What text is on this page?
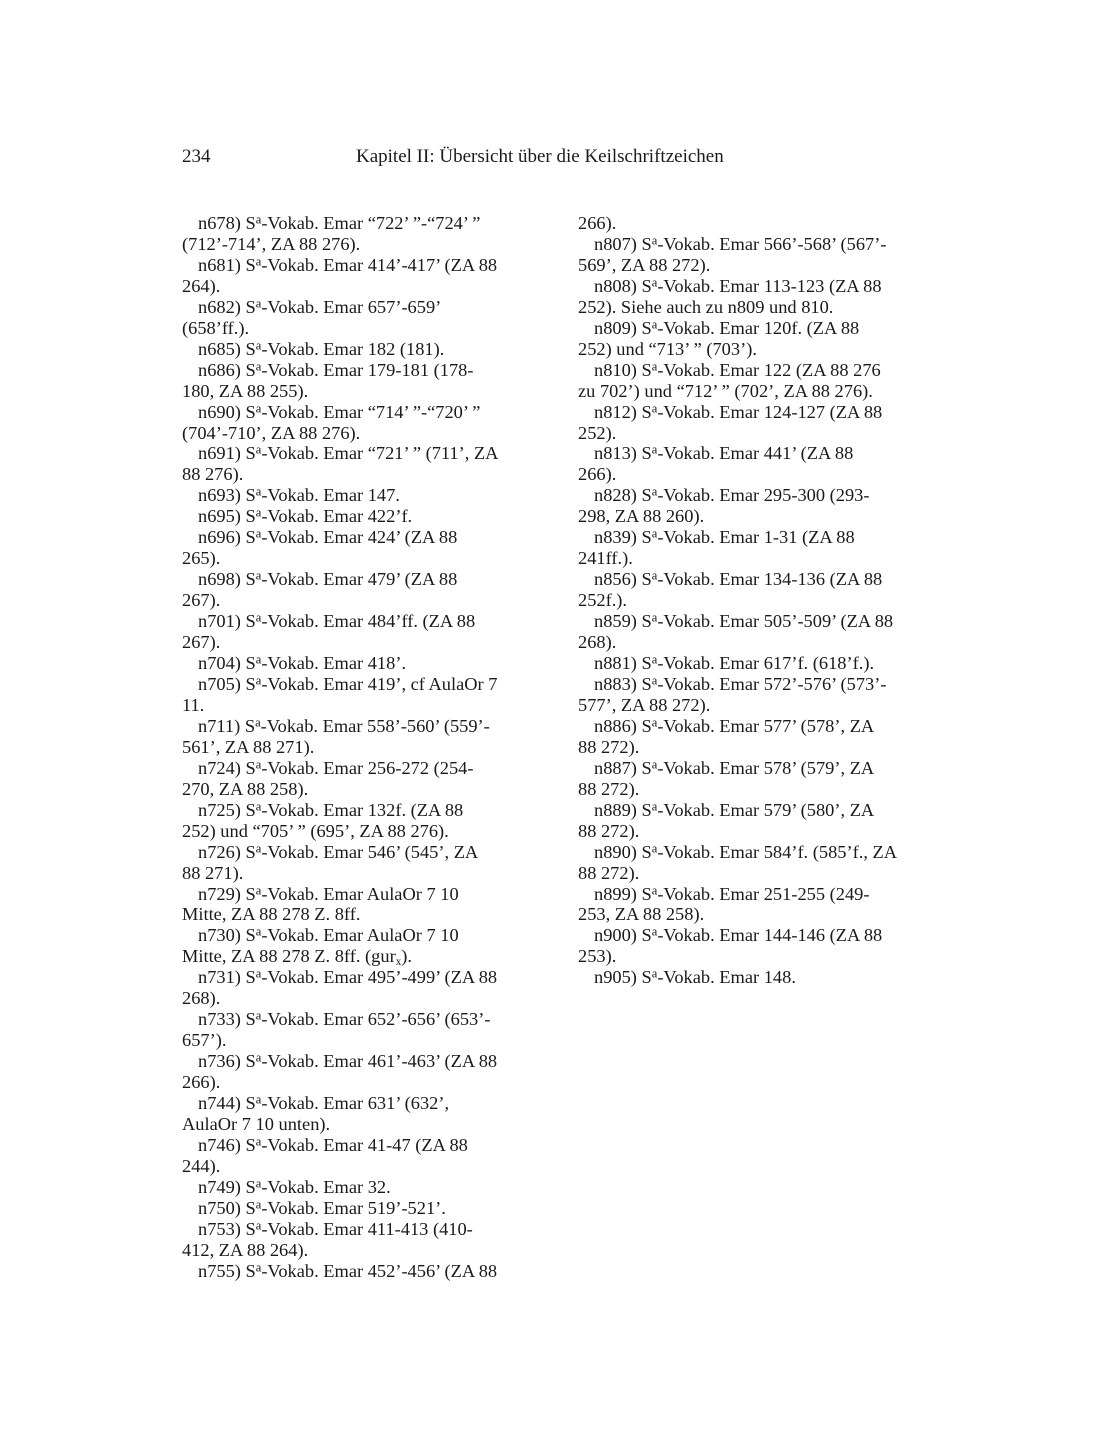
234	Kapitel II: Übersicht über die Keilschriftzeichen

n678) $S^a$-Vokab. Emar “722’ ”-“724’ ”
(712’-714’, ZA 88 276).

n681) $S^a$-Vokab. Emar 414’-417’ (ZA 88
264).

n682) $S^a$-Vokab. Emar 657’-659’
(658’ff.).

n685) $S^a$-Vokab. Emar 182 (181).

n686) $S^a$-Vokab. Emar 179-181 (178-
180, ZA 88 255).

n690) $S^a$-Vokab. Emar “714’ ”-“720’ ”
(704’-710’, ZA 88 276).

n691) $S^a$-Vokab. Emar “721’ ” (711’, ZA
88 276).

n693) $S^a$-Vokab. Emar 147.

n695) $S^a$-Vokab. Emar 422’f.

n696) $S^a$-Vokab. Emar 424’ (ZA 88
265).

n698) $S^a$-Vokab. Emar 479’ (ZA 88
267).

n701) $S^a$-Vokab. Emar 484’ff. (ZA 88
267).

n704) $S^a$-Vokab. Emar 418’.

n705) $S^a$-Vokab. Emar 419’, cf AulaOr 7
11.

n711) $S^a$-Vokab. Emar 558’-560’ (559’-
561’, ZA 88 271).

n724) $S^a$-Vokab. Emar 256-272 (254-
270, ZA 88 258).

n725) $S^a$-Vokab. Emar 132f. (ZA 88
252) und “705’ ” (695’, ZA 88 276).

n726) $S^a$-Vokab. Emar 546’ (545’, ZA
88 271).

n729) $S^a$-Vokab. Emar AulaOr 7 10
Mitte, ZA 88 278 Z. 8ff.

n730) $S^a$-Vokab. Emar AulaOr 7 10
Mitte, ZA 88 278 Z. 8ff. (gur$_x$).

n731) $S^a$-Vokab. Emar 495’-499’ (ZA 88
268).

n733) $S^a$-Vokab. Emar 652’-656’ (653’-
657’).

n736) $S^a$-Vokab. Emar 461’-463’ (ZA 88
266).

n744) $S^a$-Vokab. Emar 631’ (632’,
AulaOr 7 10 unten).

n746) $S^a$-Vokab. Emar 41-47 (ZA 88
244).

n749) $S^a$-Vokab. Emar 32.

n750) $S^a$-Vokab. Emar 519’-521’.

n753) $S^a$-Vokab. Emar 411-413 (410-
412, ZA 88 264).

n755) $S^a$-Vokab. Emar 452’-456’ (ZA 88

266).

n807) $S^a$-Vokab. Emar 566’-568’ (567’-
569’, ZA 88 272).

n808) $S^a$-Vokab. Emar 113-123 (ZA 88
252). Siehe auch zu n809 und 810.

n809) $S^a$-Vokab. Emar 120f. (ZA 88
252) und “713’ ” (703’).

n810) $S^a$-Vokab. Emar 122 (ZA 88 276
zu 702’) und “712’ ” (702’, ZA 88 276).

n812) $S^a$-Vokab. Emar 124-127 (ZA 88
252).

n813) $S^a$-Vokab. Emar 441’ (ZA 88
266).

n828) $S^a$-Vokab. Emar 295-300 (293-
298, ZA 88 260).

n839) $S^a$-Vokab. Emar 1-31 (ZA 88
241ff.).

n856) $S^a$-Vokab. Emar 134-136 (ZA 88
252f.).

n859) $S^a$-Vokab. Emar 505’-509’ (ZA 88
268).

n881) $S^a$-Vokab. Emar 617’f. (618’f.).

n883) $S^a$-Vokab. Emar 572’-576’ (573’-
577’, ZA 88 272).

n886) $S^a$-Vokab. Emar 577’ (578’, ZA
88 272).

n887) $S^a$-Vokab. Emar 578’ (579’, ZA
88 272).

n889) $S^a$-Vokab. Emar 579’ (580’, ZA
88 272).

n890) $S^a$-Vokab. Emar 584’f. (585’f., ZA
88 272).

n899) $S^a$-Vokab. Emar 251-255 (249-
253, ZA 88 258).

n900) $S^a$-Vokab. Emar 144-146 (ZA 88
253).

n905) $S^a$-Vokab. Emar 148.
